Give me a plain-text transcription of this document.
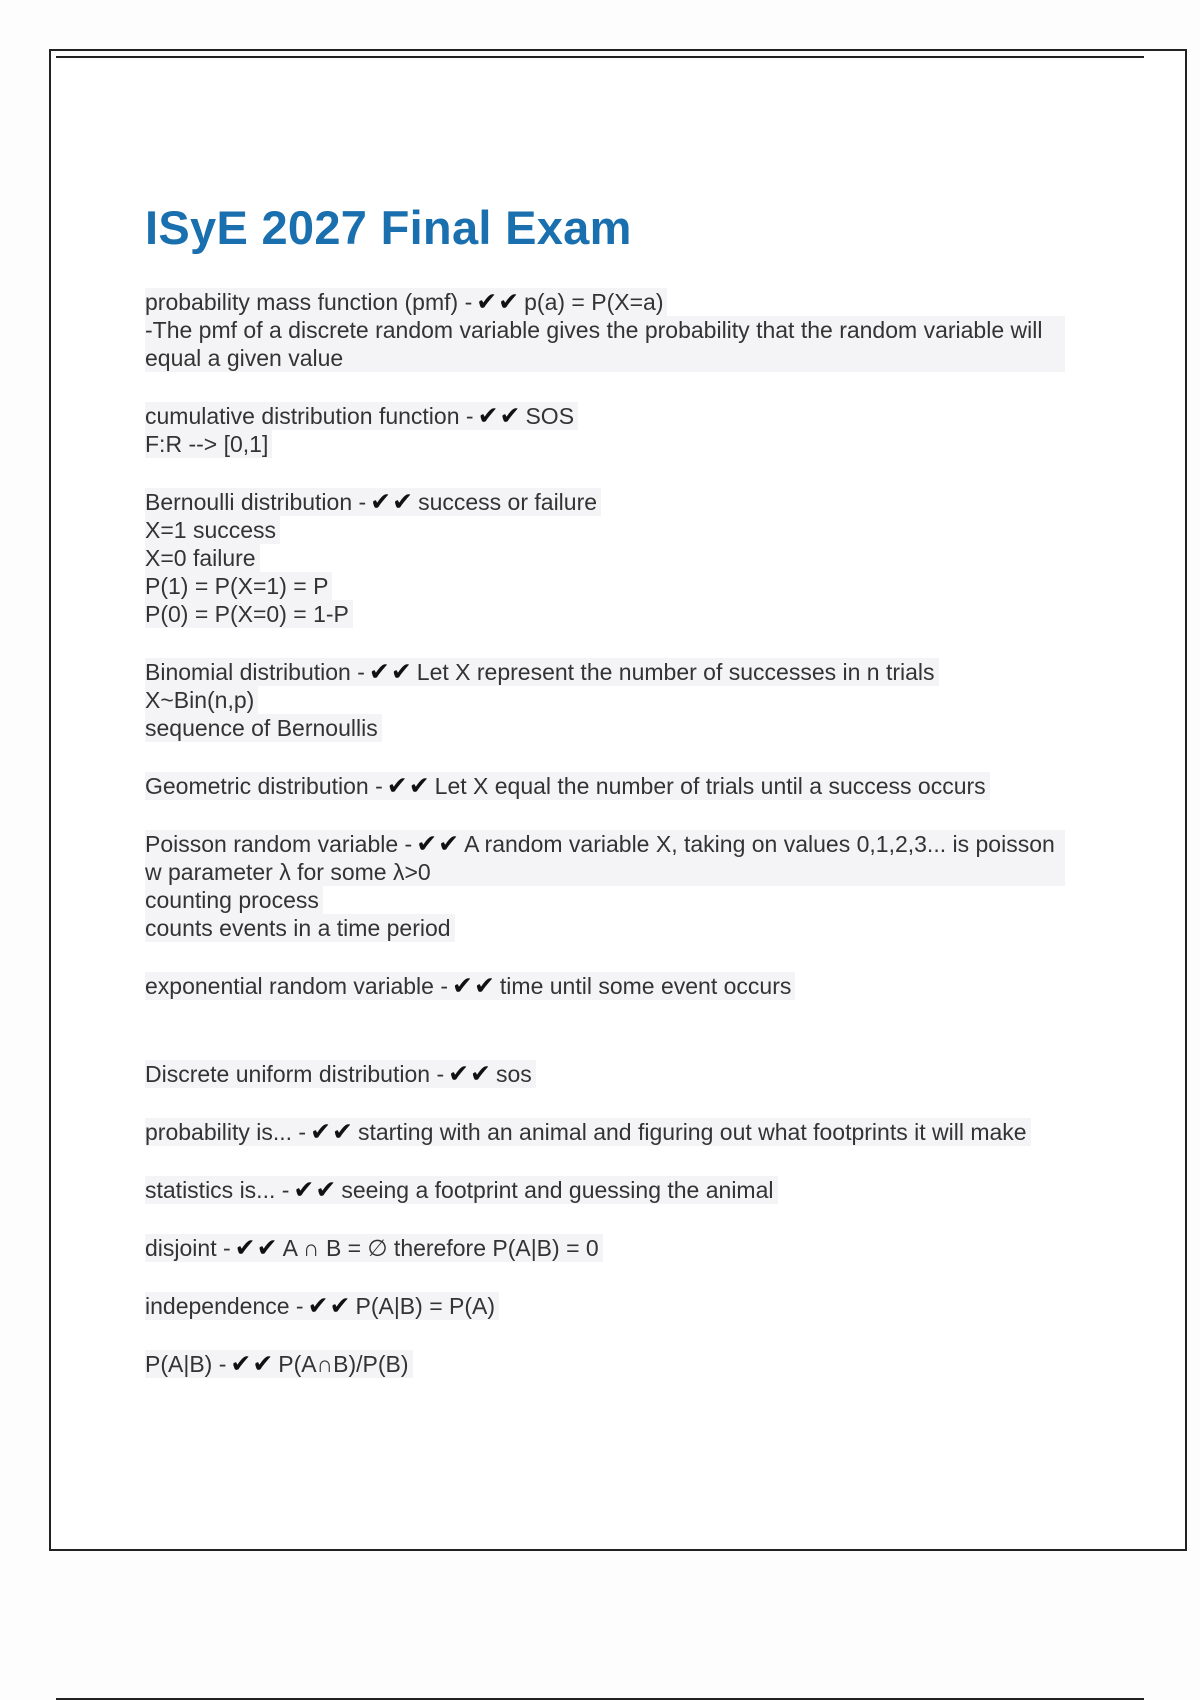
ISyE 2027 Final Exam
probability mass function (pmf) - ✔︎✔︎ p(a) = P(X=a)
-The pmf of a discrete random variable gives the probability that the random variable will equal a given value
cumulative distribution function - ✔︎✔︎ SOS
F:R --> [0,1]
Bernoulli distribution - ✔︎✔︎ success or failure
X=1 success
X=0 failure
P(1) = P(X=1) = P
P(0) = P(X=0) = 1-P
Binomial distribution - ✔︎✔︎ Let X represent the number of successes in n trials
X~Bin(n,p)
sequence of Bernoullis
Geometric distribution - ✔︎✔︎ Let X equal the number of trials until a success occurs
Poisson random variable - ✔︎✔︎ A random variable X, taking on values 0,1,2,3... is poisson w parameter λ for some λ>0
counting process
counts events in a time period
exponential random variable - ✔︎✔︎ time until some event occurs
Discrete uniform distribution - ✔︎✔︎ sos
probability is... - ✔︎✔︎ starting with an animal and figuring out what footprints it will make
statistics is... - ✔︎✔︎ seeing a footprint and guessing the animal
disjoint - ✔︎✔︎ A ∩ B = ∅ therefore P(A|B) = 0
independence - ✔︎✔︎ P(A|B) = P(A)
P(A|B) - ✔︎✔︎ P(A∩B)/P(B)
